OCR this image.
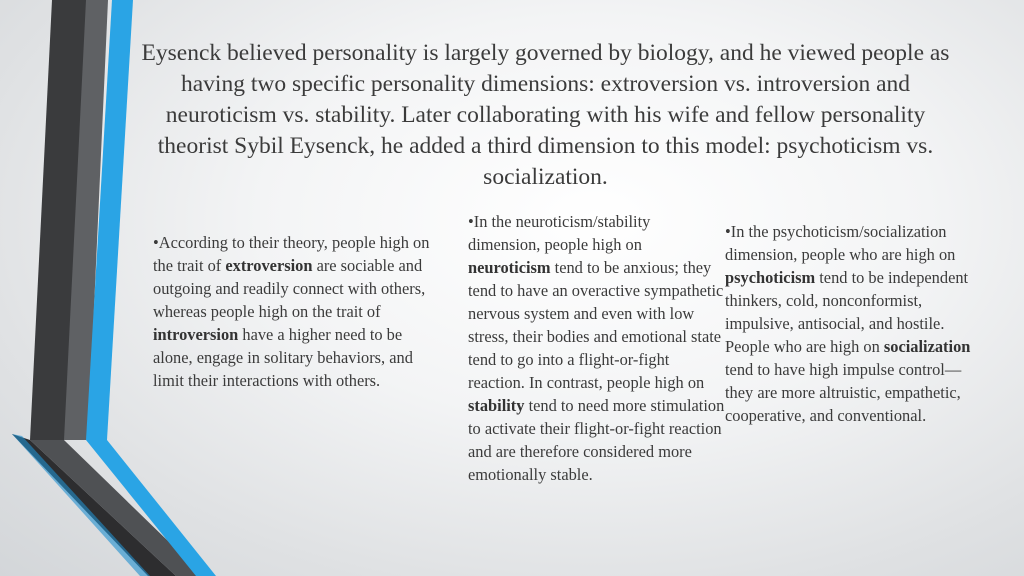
Eysenck believed personality is largely governed by biology, and he viewed people as having two specific personality dimensions: extroversion vs. introversion and neuroticism vs. stability. Later collaborating with his wife and fellow personality theorist Sybil Eysenck, he added a third dimension to this model: psychoticism vs. socialization.

•According to their theory, people high on the trait of extroversion are sociable and outgoing and readily connect with others, whereas people high on the trait of introversion have a higher need to be alone, engage in solitary behaviors, and limit their interactions with others.

•In the neuroticism/stability dimension, people high on neuroticism tend to be anxious; they tend to have an overactive sympathetic nervous system and even with low stress, their bodies and emotional state tend to go into a flight-or-fight reaction. In contrast, people high on stability tend to need more stimulation to activate their flight-or-fight reaction and are therefore considered more emotionally stable.

•In the psychoticism/socialization dimension, people who are high on psychoticism tend to be independent thinkers, cold, nonconformist, impulsive, antisocial, and hostile. People who are high on socialization tend to have high impulse control—they are more altruistic, empathetic, cooperative, and conventional.
